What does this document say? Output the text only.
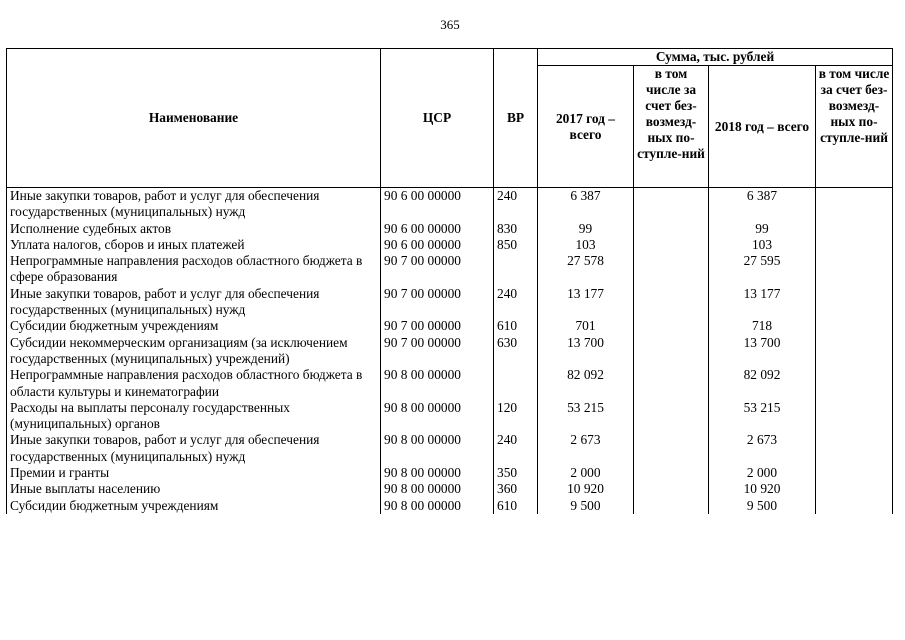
365
Наименование	ЦСР	ВР	Сумма, тыс. рублей			
			2017 год – всего	в том числе за счет без-возмезд-ных по-ступле-ний	2018 год – всего	в том числе за счет без-возмезд-ных по-ступле-ний
Иные закупки товаров, работ и услуг для обеспечения государственных (муниципальных) нужд	90 6 00 00000	240	6 387		6 387	
Исполнение судебных актов	90 6 00 00000	830	99		99	
Уплата налогов, сборов и иных платежей	90 6 00 00000	850	103		103	
Непрограммные направления расходов областного бюджета в сфере образования	90 7 00 00000		27 578		27 595	
Иные закупки товаров, работ и услуг для обеспечения государственных (муниципальных) нужд	90 7 00 00000	240	13 177		13 177	
Субсидии бюджетным учреждениям	90 7 00 00000	610	701		718	
Субсидии некоммерческим организациям (за исключением государственных (муниципальных) учреждений)	90 7 00 00000	630	13 700		13 700	
Непрограммные направления расходов областного бюджета в области культуры и кинематографии	90 8 00 00000		82 092		82 092	
Расходы на выплаты персоналу государственных (муниципальных) органов	90 8 00 00000	120	53 215		53 215	
Иные закупки товаров, работ и услуг для обеспечения государственных (муниципальных) нужд	90 8 00 00000	240	2 673		2 673	
Премии и гранты	90 8 00 00000	350	2 000		2 000	
Иные выплаты населению	90 8 00 00000	360	10 920		10 920	
Субсидии бюджетным учреждениям	90 8 00 00000	610	9 500		9 500	
